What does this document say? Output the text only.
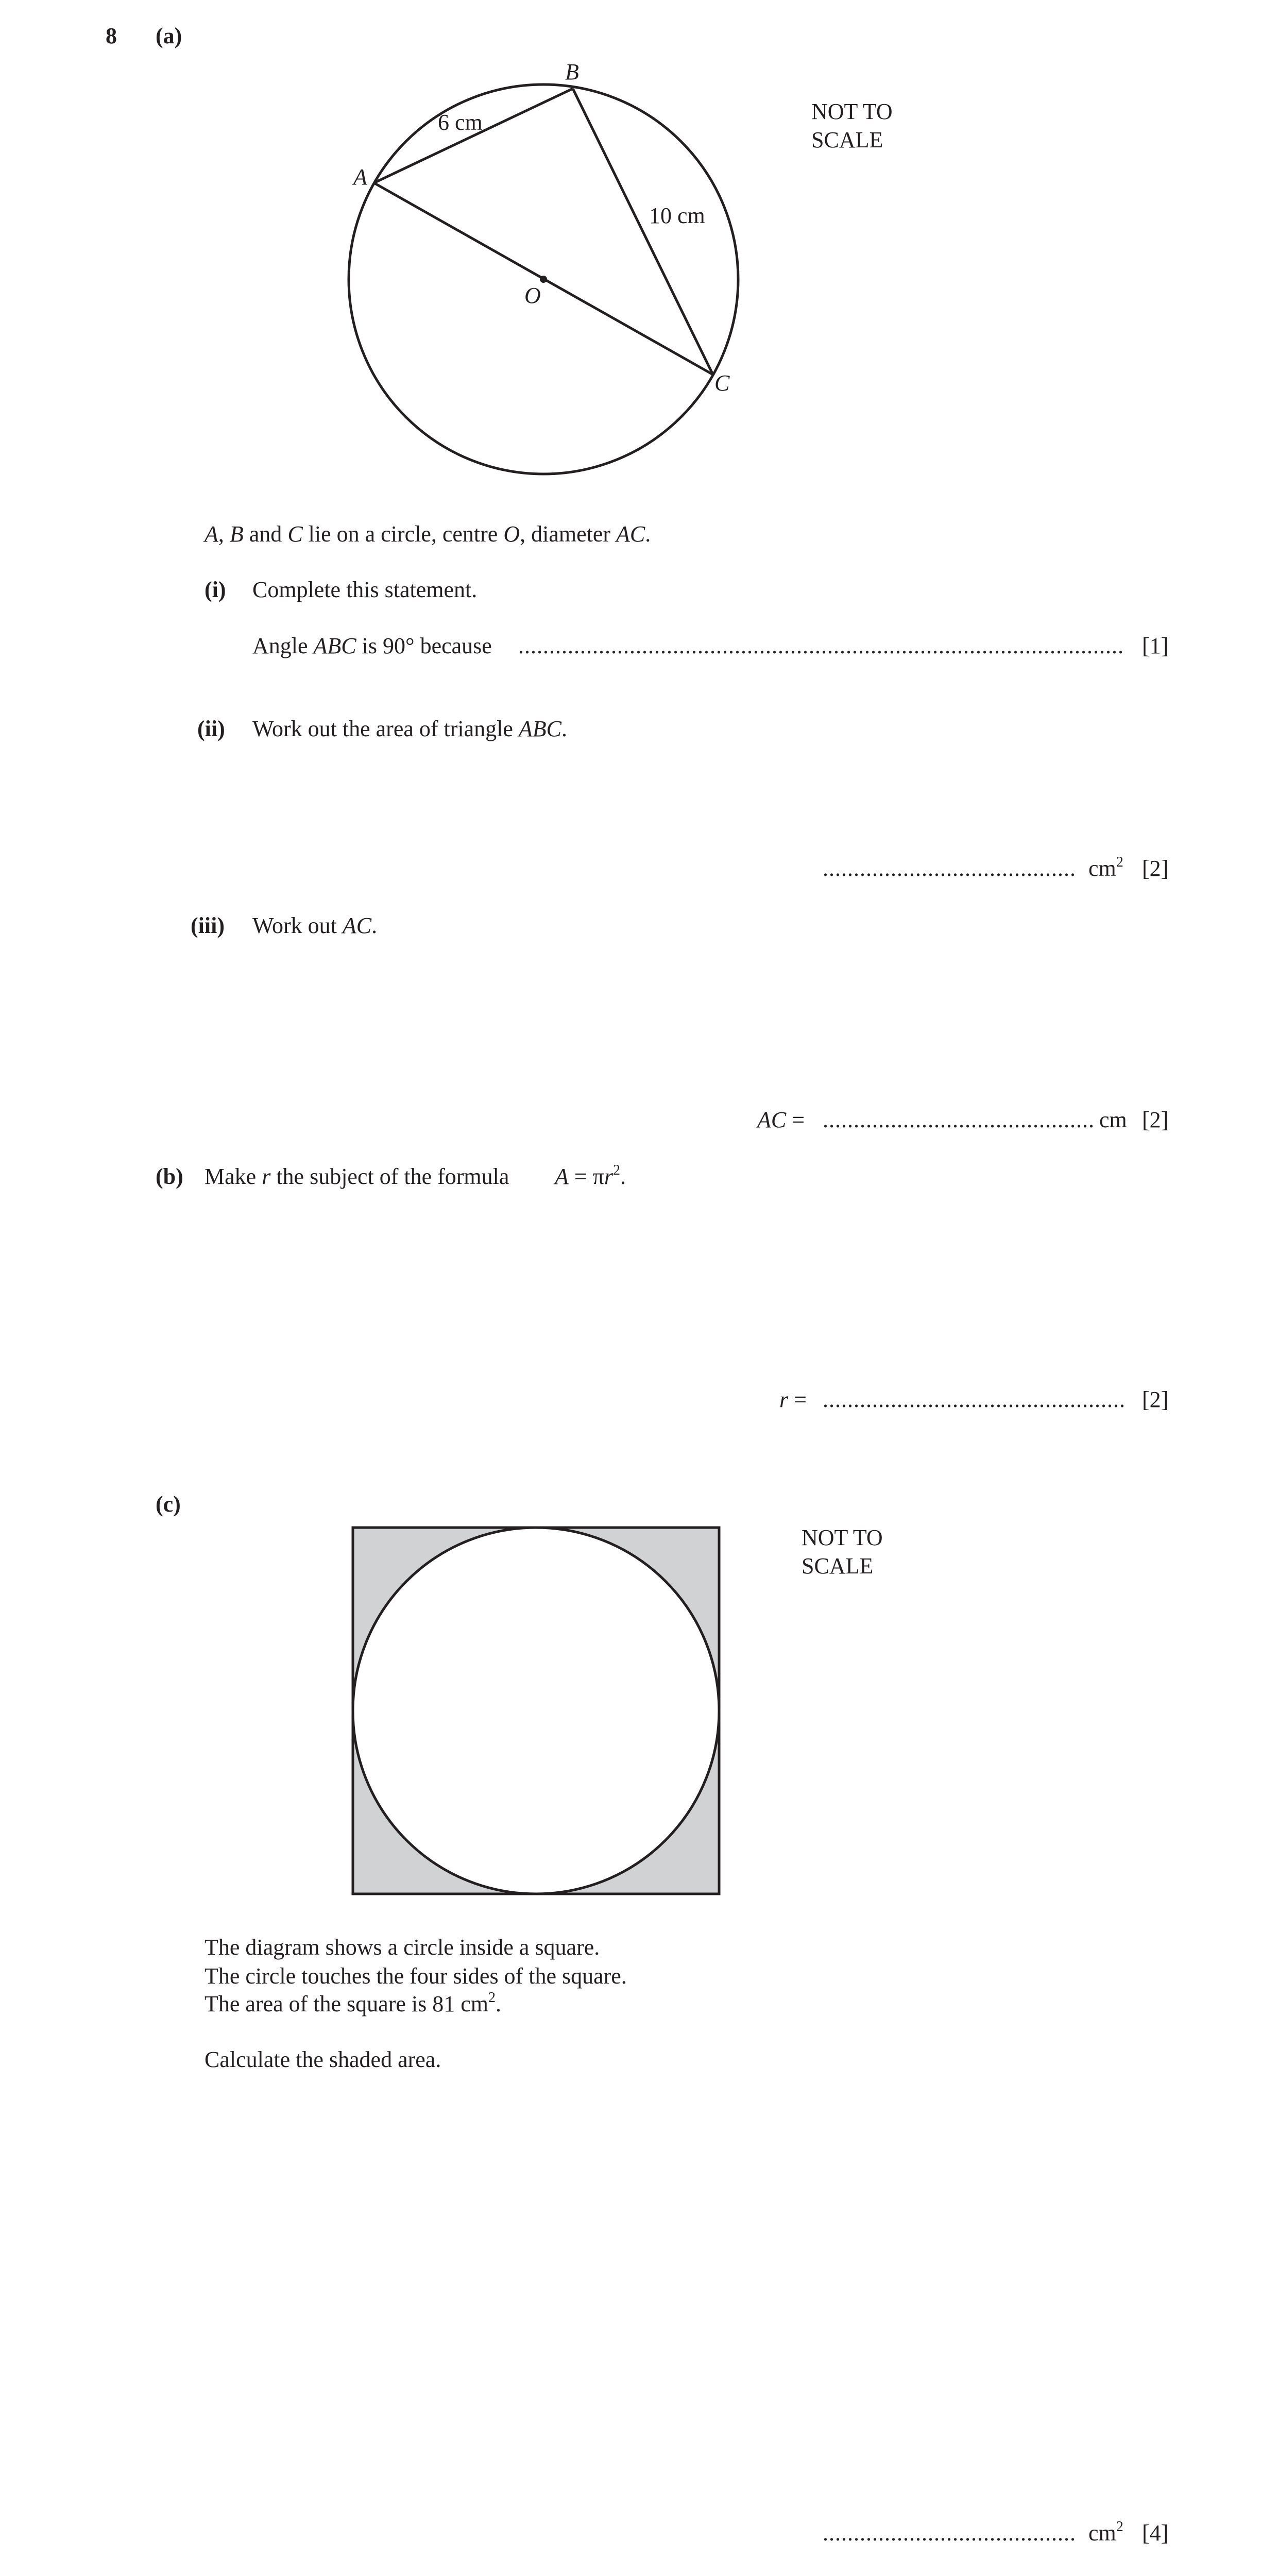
8 (a)
B
A
C
O
6 cm
10 cm
NOT TO
SCALE
A, B and C lie on a circle, centre O, diameter AC.
(i) Complete this statement.
Angle ABC is 90° because .................................................................................................. [1]
(ii) Work out the area of triangle ABC.
......................................... $cm^2$ [2]
(iii) Work out AC.
AC = ............................................ cm [2]
(b) Make r the subject of the formula $A = \pi r^2$.
r = ................................................. [2]
(c)
NOT TO
SCALE
The diagram shows a circle inside a square.
The circle touches the four sides of the square.
The area of the square is 81 $cm^2$.
Calculate the shaded area.
......................................... $cm^2$ [4]
